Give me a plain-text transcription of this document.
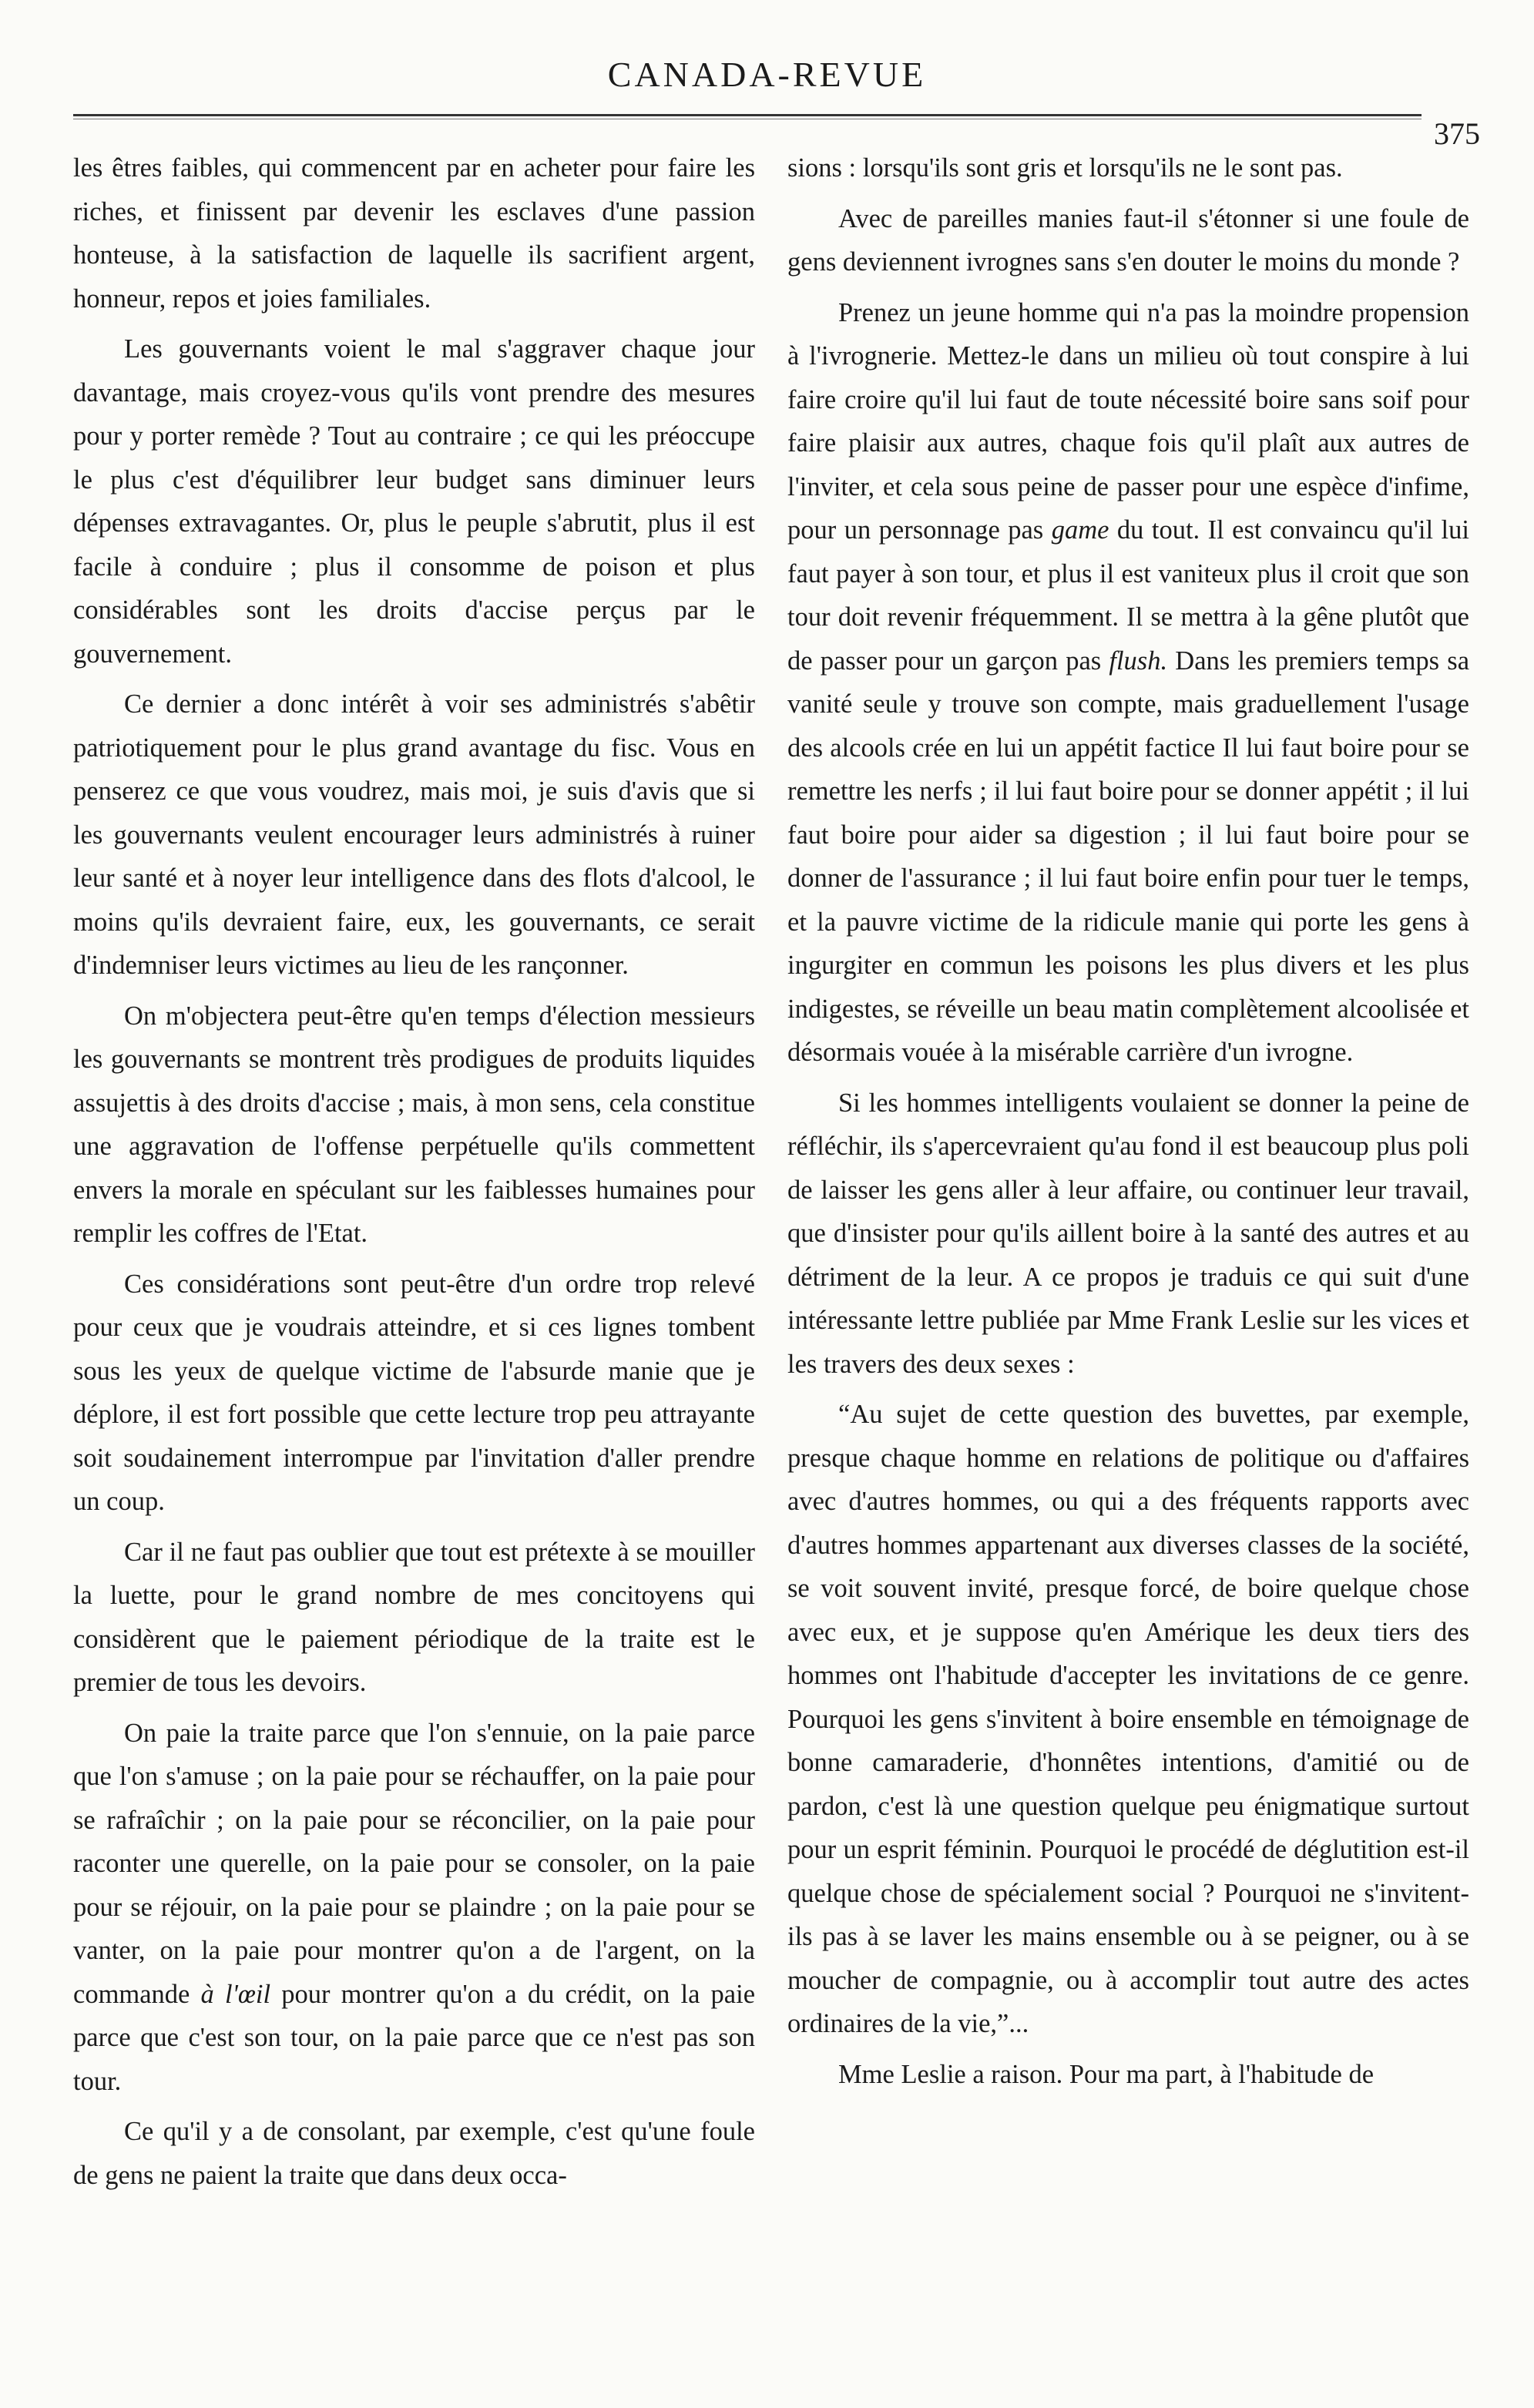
CANADA-REVUE
375

les êtres faibles, qui commencent par en acheter pour faire les riches, et finissent par devenir les esclaves d'une passion honteuse, à la satisfaction de laquelle ils sacrifient argent, honneur, repos et joies familiales.

Les gouvernants voient le mal s'aggraver chaque jour davantage, mais croyez-vous qu'ils vont prendre des mesures pour y porter remède ? Tout au contraire ; ce qui les préoccupe le plus c'est d'équilibrer leur budget sans diminuer leurs dépenses extravagantes. Or, plus le peuple s'abrutit, plus il est facile à conduire ; plus il consomme de poison et plus considérables sont les droits d'accise perçus par le gouvernement.

Ce dernier a donc intérêt à voir ses administrés s'abêtir patriotiquement pour le plus grand avantage du fisc. Vous en penserez ce que vous voudrez, mais moi, je suis d'avis que si les gouvernants veulent encourager leurs administrés à ruiner leur santé et à noyer leur intelligence dans des flots d'alcool, le moins qu'ils devraient faire, eux, les gouvernants, ce serait d'indemniser leurs victimes au lieu de les rançonner.

On m'objectera peut-être qu'en temps d'élection messieurs les gouvernants se montrent très prodigues de produits liquides assujettis à des droits d'accise ; mais, à mon sens, cela constitue une aggravation de l'offense perpétuelle qu'ils commettent envers la morale en spéculant sur les faiblesses humaines pour remplir les coffres de l'Etat.

Ces considérations sont peut-être d'un ordre trop relevé pour ceux que je voudrais atteindre, et si ces lignes tombent sous les yeux de quelque victime de l'absurde manie que je déplore, il est fort possible que cette lecture trop peu attrayante soit soudainement interrompue par l'invitation d'aller prendre un coup.

Car il ne faut pas oublier que tout est prétexte à se mouiller la luette, pour le grand nombre de mes concitoyens qui considèrent que le paiement périodique de la traite est le premier de tous les devoirs.

On paie la traite parce que l'on s'ennuie, on la paie parce que l'on s'amuse ; on la paie pour se réchauffer, on la paie pour se rafraîchir ; on la paie pour se réconcilier, on la paie pour raconter une querelle, on la paie pour se consoler, on la paie pour se réjouir, on la paie pour se plaindre ; on la paie pour se vanter, on la paie pour montrer qu'on a de l'argent, on la commande à l'œil pour montrer qu'on a du crédit, on la paie parce que c'est son tour, on la paie parce que ce n'est pas son tour.

Ce qu'il y a de consolant, par exemple, c'est qu'une foule de gens ne paient la traite que dans deux occa-

sions : lorsqu'ils sont gris et lorsqu'ils ne le sont pas.

Avec de pareilles manies faut-il s'étonner si une foule de gens deviennent ivrognes sans s'en douter le moins du monde ?

Prenez un jeune homme qui n'a pas la moindre propension à l'ivrognerie. Mettez-le dans un milieu où tout conspire à lui faire croire qu'il lui faut de toute nécessité boire sans soif pour faire plaisir aux autres, chaque fois qu'il plaît aux autres de l'inviter, et cela sous peine de passer pour une espèce d'infime, pour un personnage pas game du tout. Il est convaincu qu'il lui faut payer à son tour, et plus il est vaniteux plus il croit que son tour doit revenir fréquemment. Il se mettra à la gêne plutôt que de passer pour un garçon pas flush. Dans les premiers temps sa vanité seule y trouve son compte, mais graduellement l'usage des alcools crée en lui un appétit factice Il lui faut boire pour se remettre les nerfs ; il lui faut boire pour se donner appétit ; il lui faut boire pour aider sa digestion ; il lui faut boire pour se donner de l'assurance ; il lui faut boire enfin pour tuer le temps, et la pauvre victime de la ridicule manie qui porte les gens à ingurgiter en commun les poisons les plus divers et les plus indigestes, se réveille un beau matin complètement alcoolisée et désormais vouée à la misérable carrière d'un ivrogne.

Si les hommes intelligents voulaient se donner la peine de réfléchir, ils s'apercevraient qu'au fond il est beaucoup plus poli de laisser les gens aller à leur affaire, ou continuer leur travail, que d'insister pour qu'ils aillent boire à la santé des autres et au détriment de la leur. A ce propos je traduis ce qui suit d'une intéressante lettre publiée par Mme Frank Leslie sur les vices et les travers des deux sexes :

“Au sujet de cette question des buvettes, par exemple, presque chaque homme en relations de politique ou d'affaires avec d'autres hommes, ou qui a des fréquents rapports avec d'autres hommes appartenant aux diverses classes de la société, se voit souvent invité, presque forcé, de boire quelque chose avec eux, et je suppose qu'en Amérique les deux tiers des hommes ont l'habitude d'accepter les invitations de ce genre. Pourquoi les gens s'invitent à boire ensemble en témoignage de bonne camaraderie, d'honnêtes intentions, d'amitié ou de pardon, c'est là une question quelque peu énigmatique surtout pour un esprit féminin. Pourquoi le procédé de déglutition est-il quelque chose de spécialement social ? Pourquoi ne s'invitent-ils pas à se laver les mains ensemble ou à se peigner, ou à se moucher de compagnie, ou à accomplir tout autre des actes ordinaires de la vie,”...

Mme Leslie a raison. Pour ma part, à l'habitude de
